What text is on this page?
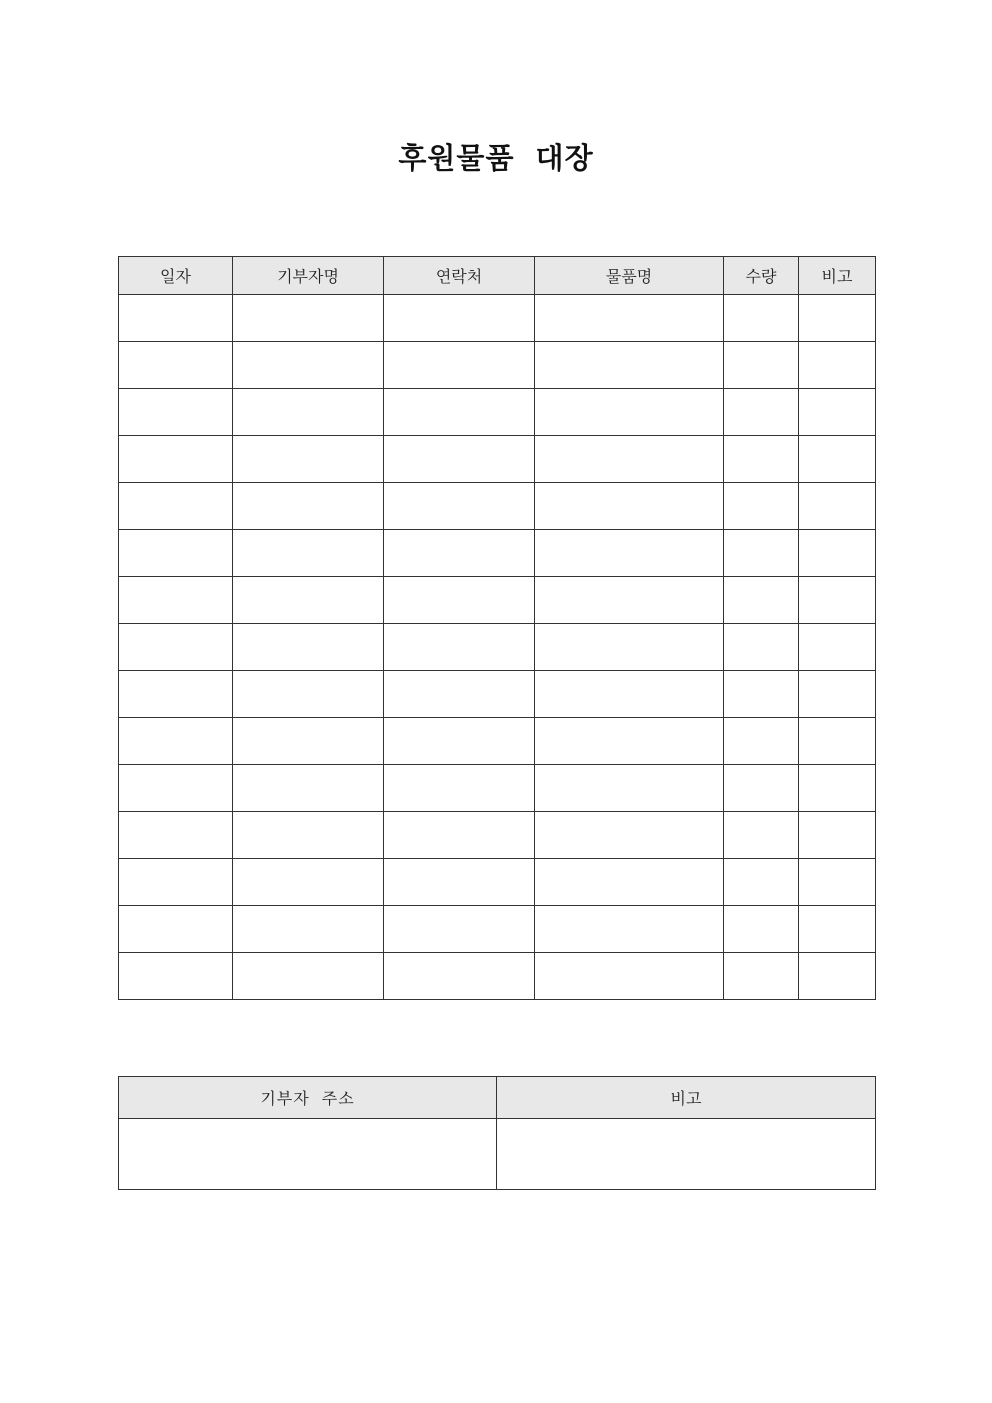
후원물품 대장
일자	기부자명	연락처	물품명	수량	비고

기부자 주소	비고
